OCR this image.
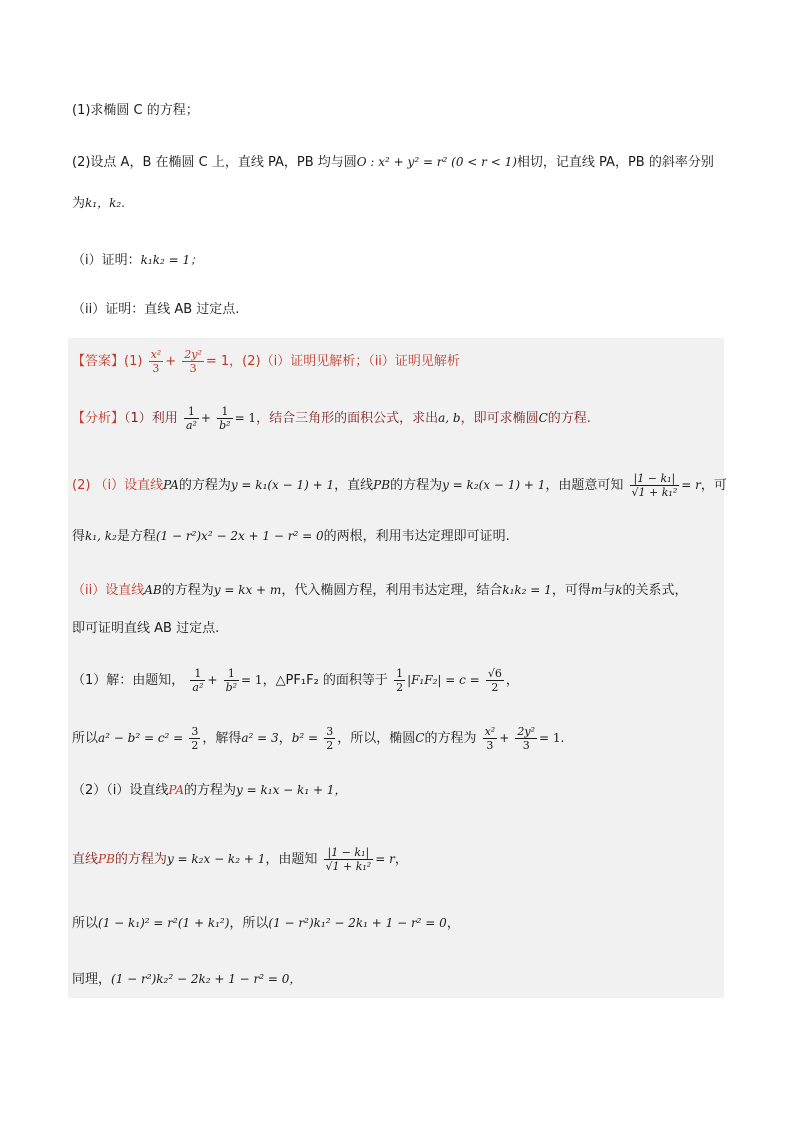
(1)求椭圆 C 的方程；
(2)设点 A，B 在椭圆 C 上，直线 PA，PB 均与圆O : x² + y² = r² (0 < r < 1)相切，记直线 PA，PB 的斜率分别
为k₁，k₂.
（i）证明：k₁k₂ = 1；
（ii）证明：直线 AB 过定点.
【答案】$(1) \frac{\text{x²}}{3} + \frac{\text{2y²}}{3} = 1$，(2)（i）证明见解析；（ii）证明见解析
【分析】（1）利用 $\frac{1}{\text{a²}} + \frac{1}{\text{b²}} = 1$，结合三角形的面积公式，求出a, b，即可求椭圆C的方程.
(2) （i）设直线PA的方程为y = k₁(x − 1) + 1，直线PB的方程为y = k₂(x − 1) + 1，由题意可知 $\frac{\text{|1 − k₁|}}{\text{√1 + k₁²}} = r$，可
得k₁, k₂是方程(1 − r²)x² − 2x + 1 − r² = 0的两根，利用韦达定理即可证明.
（ii）设直线AB的方程为y = kx + m，代入椭圆方程，利用韦达定理，结合k₁k₂ = 1，可得m与k的关系式，
即可证明直线 AB 过定点.
（1）解：由题知， $\frac{1}{\text{a²}} + \frac{1}{\text{b²}} = 1$，△PF₁F₂ 的面积等于 $\frac{1}{2} |F_1F_2| = c = \frac{√6}{2}$ ，
所以$a^2 - b^2 = c^2 = \frac{3}{2}$ ，解得a² = 3，$b^2 = \frac{3}{2}$ ，所以，椭圆C的方程为 $\frac{\text{x²}}{3} + \frac{\text{2y²}}{3} = 1$.
（2）（i）设直线PA的方程为y = k₁x − k₁ + 1，
直线PB的方程为y = k₂x − k₂ + 1，由题知 $\frac{\text{|1 − k₁|}}{\text{√1 + k₁²}} = r$，
所以(1 − k₁)² = r²(1 + k₁²)，所以(1 − r²)k₁² − 2k₁ + 1 − r² = 0，
同理，(1 − r²)k₂² − 2k₂ + 1 − r² = 0，
